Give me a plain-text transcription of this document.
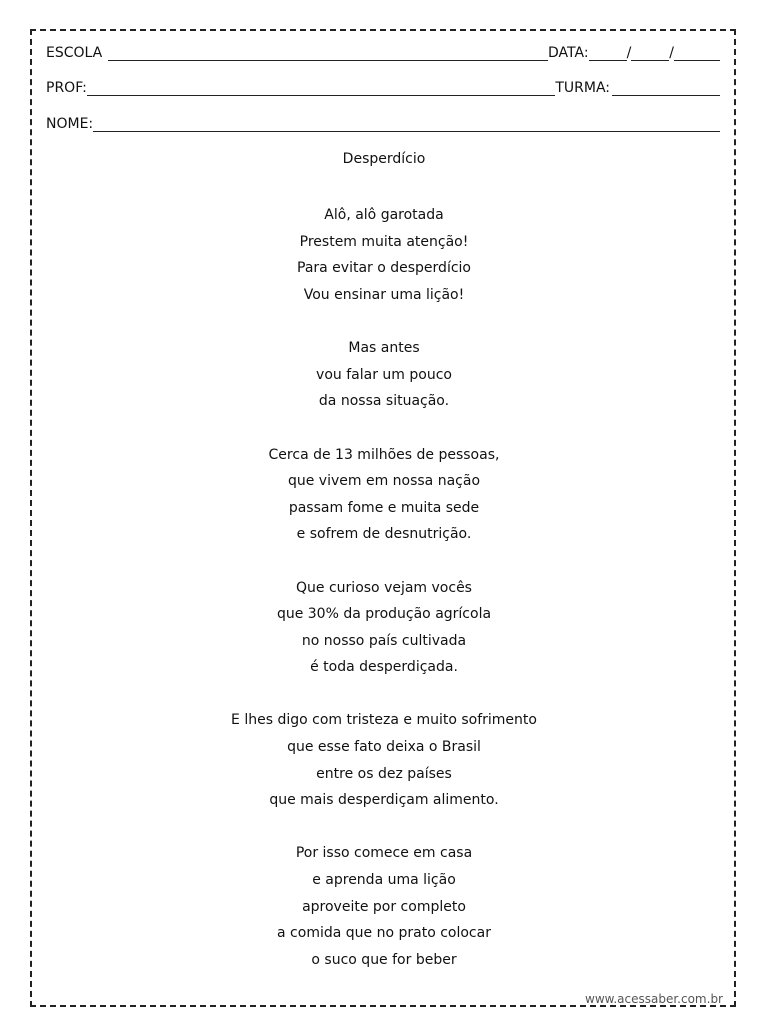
ESCOLA	DATA:	/	/
PROF:	TURMA:
NOME:
Desperdício
Alô, alô garotada
Prestem muita atenção!
Para evitar o desperdício
Vou ensinar uma lição!
Mas antes
vou falar um pouco
da nossa situação.
Cerca de 13 milhões de pessoas,
que vivem em nossa nação
passam fome e muita sede
e sofrem de desnutrição.
Que curioso vejam vocês
que 30% da produção agrícola
no nosso país cultivada
é toda desperdiçada.
E lhes digo com tristeza e muito sofrimento
que esse fato deixa o Brasil
entre os dez países
que mais desperdiçam alimento.
Por isso comece em casa
e aprenda uma lição
aproveite por completo
a comida que no prato colocar
o suco que for beber
www.acessaber.com.br
